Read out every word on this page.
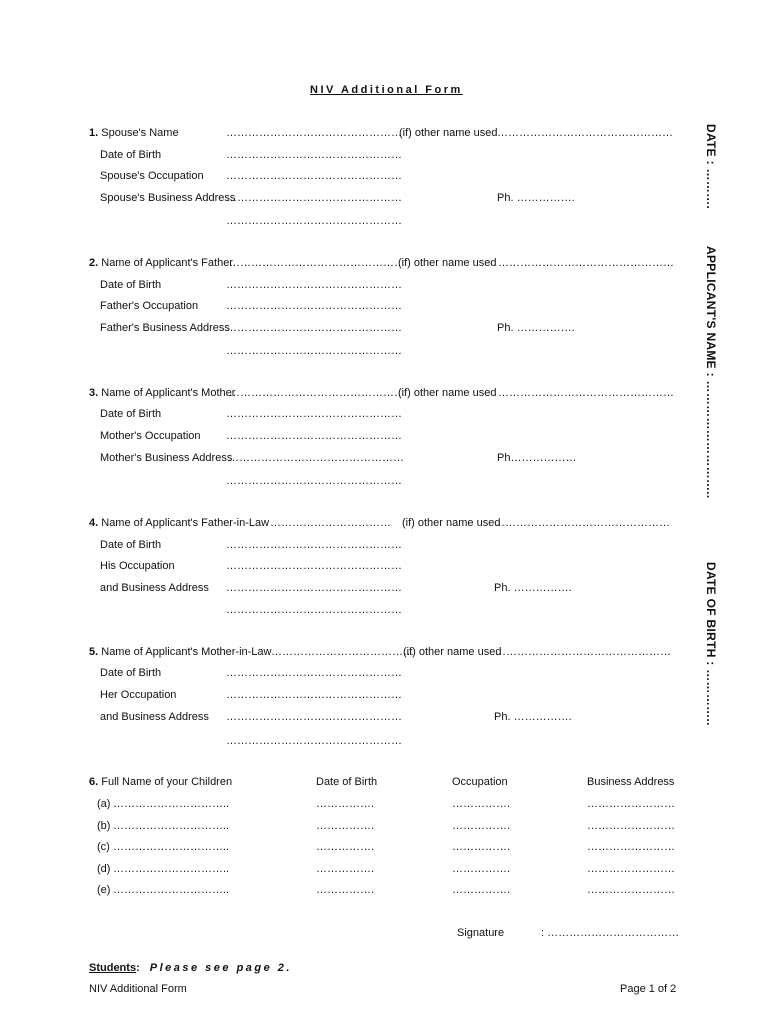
NIV Additional Form
DATE : ……….
APPLICANT'S NAME : ………………………..
DATE OF BIRTH : …………..
1. Spouse's Name	…………………………………………
(if) other name used …………………………………………
Date of Birth	…………………………………………
Spouse's Occupation …………………………………………
Spouse's Business Address
…………………………………………	Ph. …………….
…………………………………………
2. Name of Applicant's Father
…………………………………………
(if) other name used …………………………………………
Date of Birth	…………………………………………
Father's Occupation	…………………………………………
Father's Business Address
…………………………………………	Ph. …………….
…………………………………………
3. Name of Applicant's Mother
…………………………………………
(if) other name used …………………………………………
Date of Birth	…………………………………………
Mother's Occupation …………………………………………
Mother's Business Address
…………………………………………	Ph………………
…………………………………………
4. Name of Applicant's Father-in-Law …………………………… (if) other name used
…………………………………………
Date of Birth	…………………………………………
His Occupation	…………………………………………
and Business Address …………………………………………	Ph. …………….
…………………………………………
5. Name of Applicant's Mother-in-Law …………………………………
(if) other name used
…………………………………………
Date of Birth	…………………………………………
Her Occupation	…………………………………………
and Business Address …………………………………………	Ph. …………….
…………………………………………
6. Full Name of your Children	Date of Birth	Occupation	Business Address
(a) …………………………..	…………….	…………….	……………………
(b) …………………………..	…………….	…………….	……………………
(c) …………………………..	…………….	…………….	……………………
(d) …………………………..	…………….	…………….	……………………
(e) …………………………..	…………….	…………….	……………………
Signature	: ………………………………
Students: Please see page 2.
NIV Additional Form	Page 1 of 2
